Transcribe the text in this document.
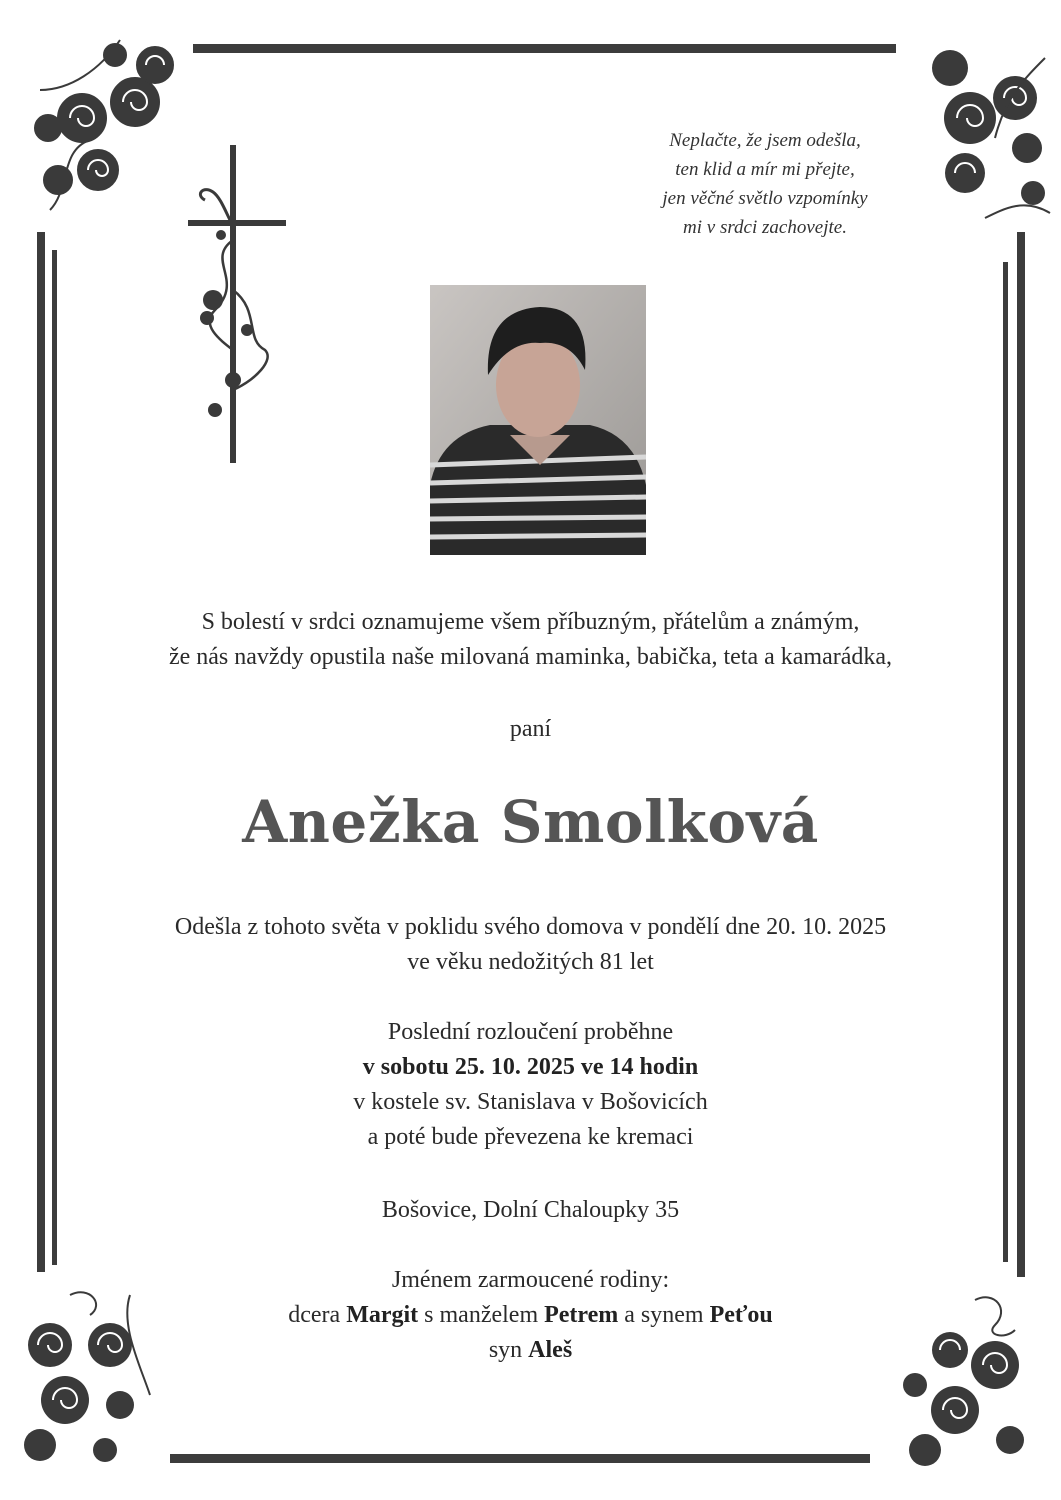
Neplačte, že jsem odešla,
ten klid a mír mi přejte,
jen věčné světlo vzpomínky
mi v srdci zachovejte.
S bolestí v srdci oznamujeme všem příbuzným, přátelům a známým,
že nás navždy opustila naše milovaná maminka, babička, teta a kamarádka,
paní
Anežka Smolková
Odešla z tohoto světa v poklidu svého domova v pondělí dne 20. 10. 2025
ve věku nedožitých 81 let
Poslední rozloučení proběhne
v sobotu 25. 10. 2025 ve 14 hodin
v kostele sv. Stanislava v Bošovicích
a poté bude převezena ke kremaci
Bošovice, Dolní Chaloupky 35
Jménem zarmoucené rodiny:
dcera Margit s manželem Petrem a synem Peťou
syn Aleš
